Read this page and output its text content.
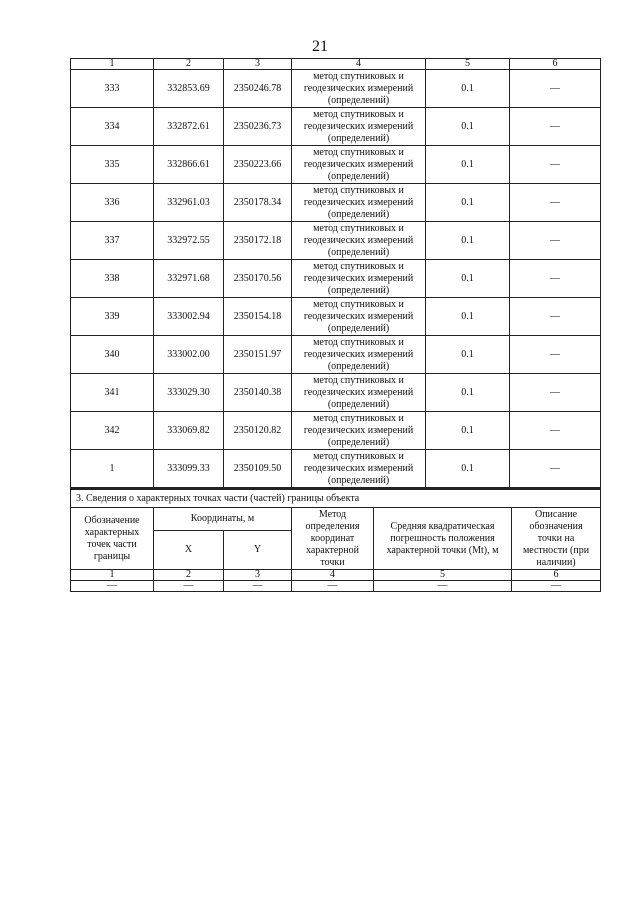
21
1	2	3	4	5	6
333	332853.69	2350246.78	метод спутниковых и
геодезических измерений
(определений)	0.1	—
334	332872.61	2350236.73	метод спутниковых и
геодезических измерений
(определений)	0.1	—
335	332866.61	2350223.66	метод спутниковых и
геодезических измерений
(определений)	0.1	—
336	332961.03	2350178.34	метод спутниковых и
геодезических измерений
(определений)	0.1	—
337	332972.55	2350172.18	метод спутниковых и
геодезических измерений
(определений)	0.1	—
338	332971.68	2350170.56	метод спутниковых и
геодезических измерений
(определений)	0.1	—
339	333002.94	2350154.18	метод спутниковых и
геодезических измерений
(определений)	0.1	—
340	333002.00	2350151.97	метод спутниковых и
геодезических измерений
(определений)	0.1	—
341	333029.30	2350140.38	метод спутниковых и
геодезических измерений
(определений)	0.1	—
342	333069.82	2350120.82	метод спутниковых и
геодезических измерений
(определений)	0.1	—
1	333099.33	2350109.50	метод спутниковых и
геодезических измерений
(определений)	0.1	—
3. Сведения о характерных точках части (частей) границы объекта					
Обозначение
характерных
точек части
границы	Координаты, м		Метод
определения
координат
характерной
точки	Средняя квадратическая
погрешность положения
характерной точки (Mt), м	Описание
обозначения
точки на
местности (при
наличии)
	X	Y			
1	2	3	4	5	6
—	—	—	—	—	—
